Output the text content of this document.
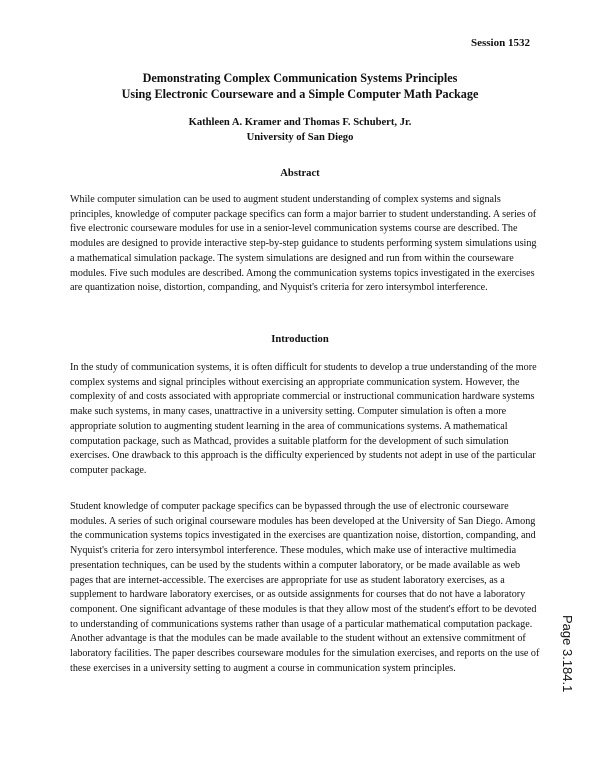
Session 1532
Demonstrating Complex Communication Systems Principles
Using Electronic Courseware and a Simple Computer Math Package
Kathleen A. Kramer and Thomas F. Schubert, Jr.
University of San Diego
Abstract
While computer simulation can be used to augment student understanding of complex systems and signals principles, knowledge of computer package specifics can form a major barrier to student understanding. A series of five electronic courseware modules for use in a senior-level communication systems course are described. The modules are designed to provide interactive step-by-step guidance to students performing system simulations using a mathematical simulation package. The system simulations are designed and run from within the courseware modules. Five such modules are described. Among the communication systems topics investigated in the exercises are quantization noise, distortion, companding, and Nyquist's criteria for zero intersymbol interference.
Introduction
In the study of communication systems, it is often difficult for students to develop a true understanding of the more complex systems and signal principles without exercising an appropriate communication system. However, the complexity of and costs associated with appropriate commercial or instructional communication hardware systems make such systems, in many cases, unattractive in a university setting. Computer simulation is often a more appropriate solution to augmenting student learning in the area of communications systems. A mathematical computation package, such as Mathcad, provides a suitable platform for the development of such simulation exercises. One drawback to this approach is the difficulty experienced by students not adept in use of the particular computer package.
Student knowledge of computer package specifics can be bypassed through the use of electronic courseware modules. A series of such original courseware modules has been developed at the University of San Diego. Among the communication systems topics investigated in the exercises are quantization noise, distortion, companding, and Nyquist's criteria for zero intersymbol interference. These modules, which make use of interactive multimedia presentation techniques, can be used by the students within a computer laboratory, or be made available as web pages that are internet-accessible. The exercises are appropriate for use as student laboratory exercises, as a supplement to hardware laboratory exercises, or as outside assignments for courses that do not have a laboratory component. One significant advantage of these modules is that they allow most of the student's effort to be devoted to understanding of communications systems rather than usage of a particular mathematical computation package. Another advantage is that the modules can be made available to the student without an extensive commitment of laboratory facilities. The paper describes courseware modules for the simulation exercises, and reports on the use of these exercises in a university setting to augment a course in communication system principles.	Page 3.184.1
